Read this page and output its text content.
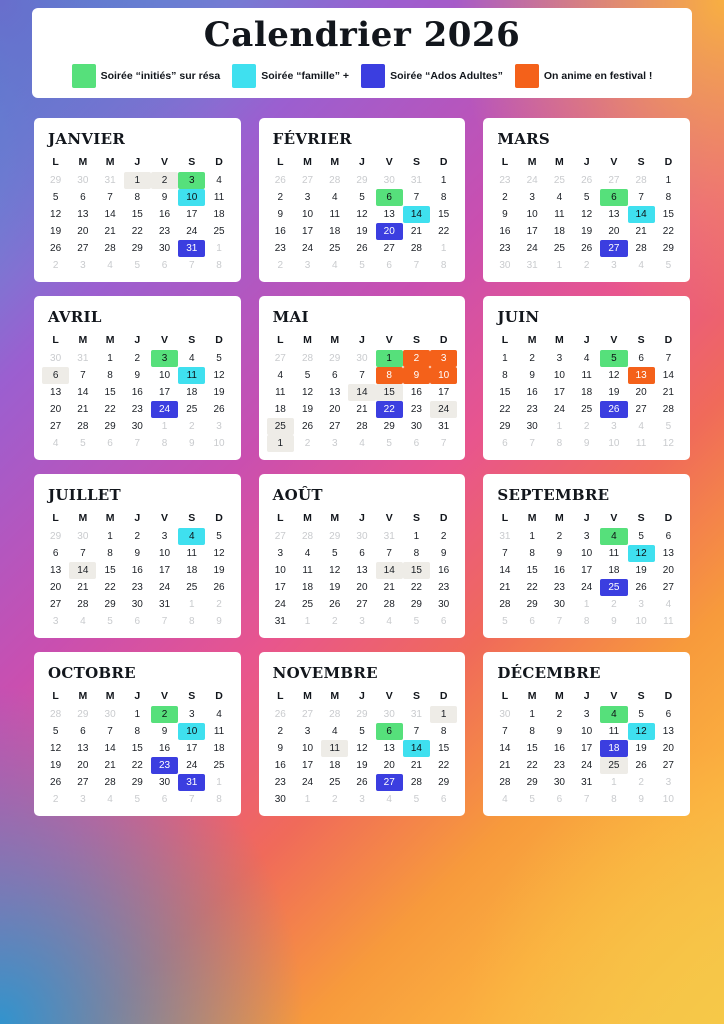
Calendrier 2026
Soirée “initiés” sur résa	Soirée “famille” +	Soirée “Ados Adultes”	On anime en festival !
JANVIER
L	M	M	J	V	S	D

29	30	31	1	2	3	4

5	6	7	8	9	10	11

12	13	14	15	16	17	18

19	20	21	22	23	24	25

26	27	28	29	30	31	1

2	3	4	5	6	7	8
FÉVRIER
L	M	M	J	V	S	D

26	27	28	29	30	31	1

2	3	4	5	6	7	8

9	10	11	12	13	14	15

16	17	18	19	20	21	22

23	24	25	26	27	28	1

2	3	4	5	6	7	8
MARS
L	M	M	J	V	S	D

23	24	25	26	27	28	1

2	3	4	5	6	7	8

9	10	11	12	13	14	15

16	17	18	19	20	21	22

23	24	25	26	27	28	29

30	31	1	2	3	4	5
AVRIL
L	M	M	J	V	S	D

30	31	1	2	3	4	5

6	7	8	9	10	11	12

13	14	15	16	17	18	19

20	21	22	23	24	25	26

27	28	29	30	1	2	3

4	5	6	7	8	9	10
MAI
L	M	M	J	V	S	D

27	28	29	30	1	2	3

4	5	6	7	8	9	10

11	12	13	14	15	16	17

18	19	20	21	22	23	24

25	26	27	28	29	30	31

1	2	3	4	5	6	7
JUIN
L	M	M	J	V	S	D

1	2	3	4	5	6	7

8	9	10	11	12	13	14

15	16	17	18	19	20	21

22	23	24	25	26	27	28

29	30	1	2	3	4	5

6	7	8	9	10	11	12
JUILLET
L	M	M	J	V	S	D

29	30	1	2	3	4	5

6	7	8	9	10	11	12

13	14	15	16	17	18	19

20	21	22	23	24	25	26

27	28	29	30	31	1	2

3	4	5	6	7	8	9
AOÛT
L	M	M	J	V	S	D

27	28	29	30	31	1	2

3	4	5	6	7	8	9

10	11	12	13	14	15	16

17	18	19	20	21	22	23

24	25	26	27	28	29	30

31	1	2	3	4	5	6
SEPTEMBRE
L	M	M	J	V	S	D

31	1	2	3	4	5	6

7	8	9	10	11	12	13

14	15	16	17	18	19	20

21	22	23	24	25	26	27

28	29	30	1	2	3	4

5	6	7	8	9	10	11
OCTOBRE
L	M	M	J	V	S	D

28	29	30	1	2	3	4

5	6	7	8	9	10	11

12	13	14	15	16	17	18

19	20	21	22	23	24	25

26	27	28	29	30	31	1

2	3	4	5	6	7	8
NOVEMBRE
L	M	M	J	V	S	D

26	27	28	29	30	31	1

2	3	4	5	6	7	8

9	10	11	12	13	14	15

16	17	18	19	20	21	22

23	24	25	26	27	28	29

30	1	2	3	4	5	6
DÉCEMBRE
L	M	M	J	V	S	D

30	1	2	3	4	5	6

7	8	9	10	11	12	13

14	15	16	17	18	19	20

21	22	23	24	25	26	27

28	29	30	31	1	2	3

4	5	6	7	8	9	10
